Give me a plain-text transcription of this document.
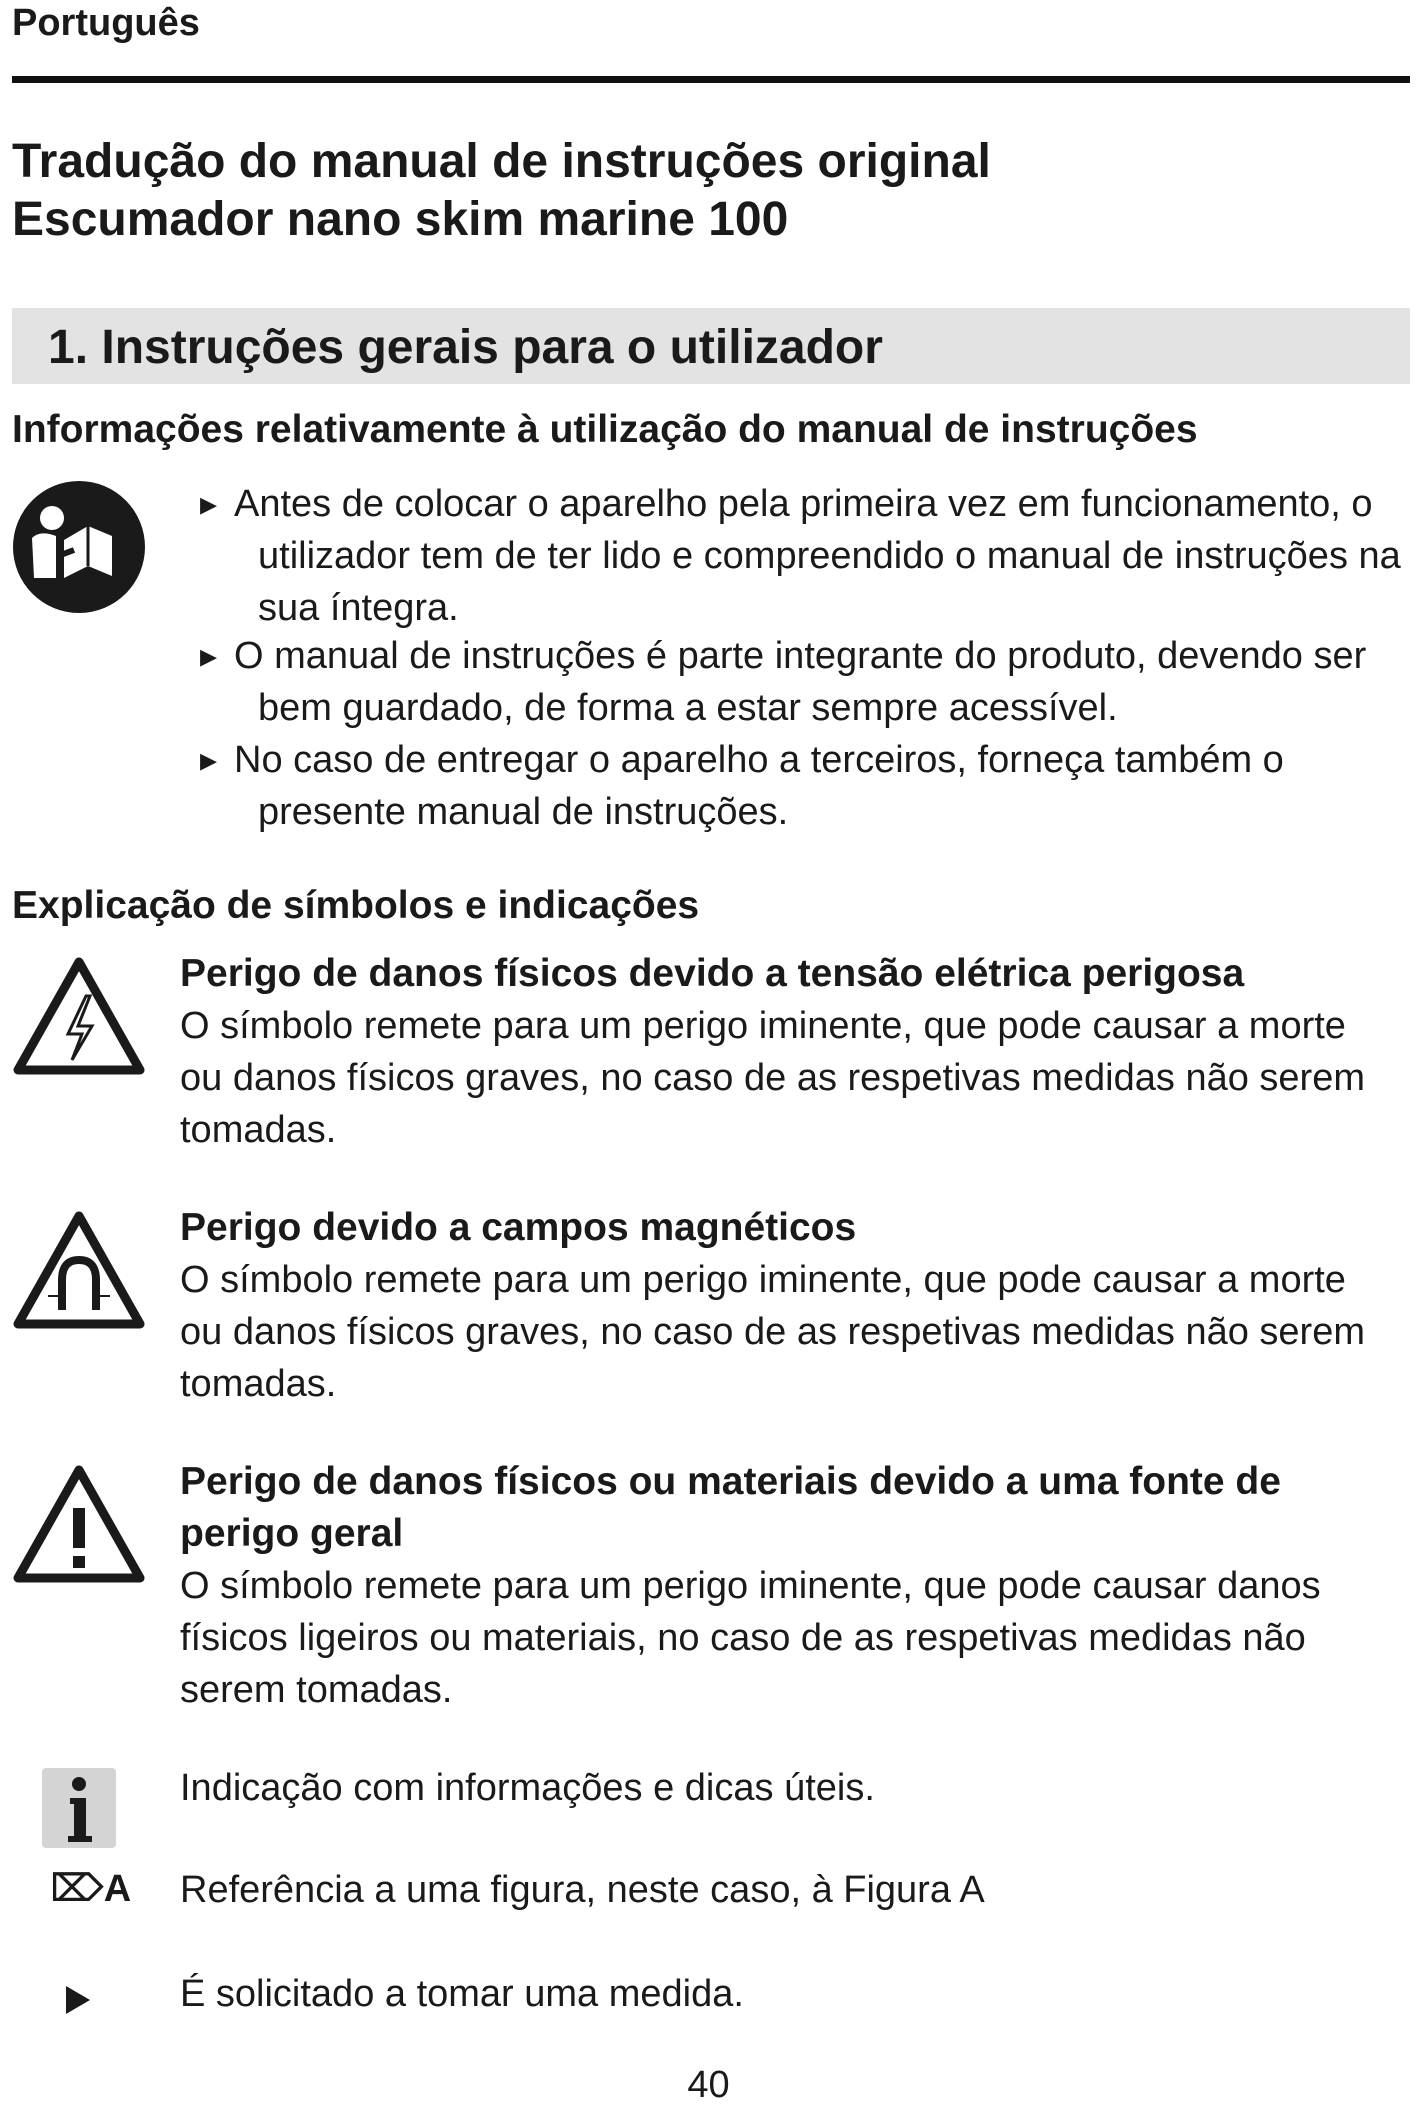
Português
Tradução do manual de instruções original
Escumador nano skim marine 100
1. Instruções gerais para o utilizador
Informações relativamente à utilização do manual de instruções
▸ Antes de colocar o aparelho pela primeira vez em funcionamento, o utilizador tem de ter lido e compreendido o manual de instruções na sua íntegra.
▸ O manual de instruções é parte integrante do produto, devendo ser bem guardado, de forma a estar sempre acessível.
▸ No caso de entregar o aparelho a terceiros, forneça também o presente manual de instruções.
Explicação de símbolos e indicações
Perigo de danos físicos devido a tensão elétrica perigosa
O símbolo remete para um perigo iminente, que pode causar a morte ou danos físicos graves, no caso de as respetivas medidas não serem tomadas.
Perigo devido a campos magnéticos
O símbolo remete para um perigo iminente, que pode causar a morte ou danos físicos graves, no caso de as respetivas medidas não serem tomadas.
Perigo de danos físicos ou materiais devido a uma fonte de perigo geral
O símbolo remete para um perigo iminente, que pode causar danos físicos ligeiros ou materiais, no caso de as respetivas medidas não serem tomadas.
Indicação com informações e dicas úteis.
⌦A Referência a uma figura, neste caso, à Figura A
É solicitado a tomar uma medida.
40
